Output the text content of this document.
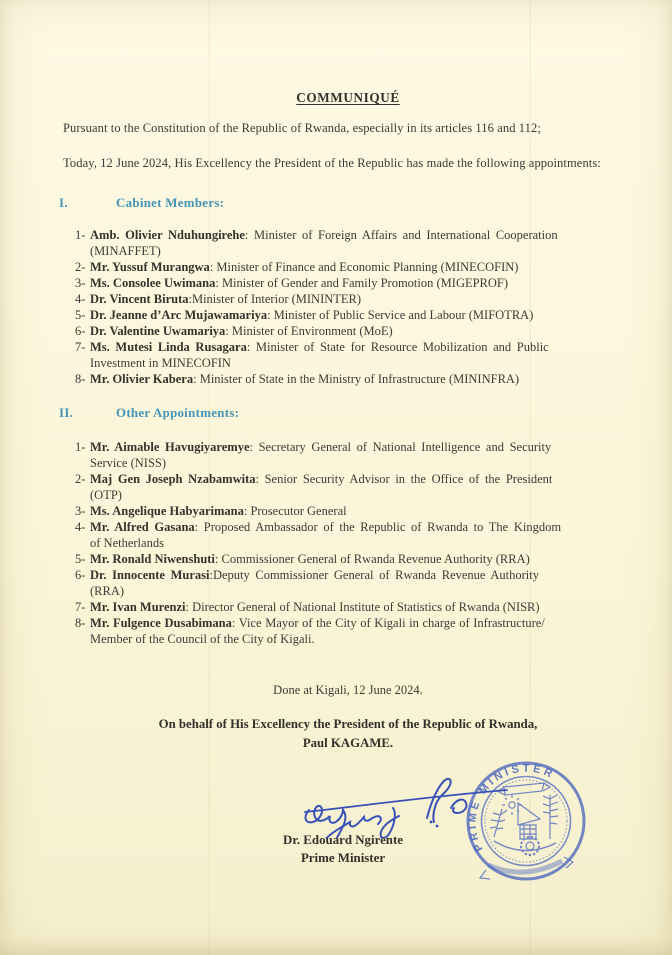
COMMUNIQUÉ

Pursuant to the Constitution of the Republic of Rwanda, especially in its articles 116 and 112;

Today, 12 June 2024, His Excellency the President of the Republic has made the following appointments:

I.	Cabinet Members:
1- Amb. Olivier Nduhungirehe: Minister of Foreign Affairs and International Cooperation
(MINAFFET)
2- Mr. Yussuf Murangwa: Minister of Finance and Economic Planning (MINECOFIN)
3- Ms. Consolee Uwimana: Minister of Gender and Family Promotion (MIGEPROF)
4- Dr. Vincent Biruta:Minister of Interior (MININTER)
5- Dr. Jeanne d’Arc Mujawamariya: Minister of Public Service and Labour (MIFOTRA)
6- Dr. Valentine Uwamariya: Minister of Environment (MoE)
7- Ms. Mutesi Linda Rusagara: Minister of State for Resource Mobilization and Public
Investment in MINECOFIN
8- Mr. Olivier Kabera: Minister of State in the Ministry of Infrastructure (MININFRA)
II.	Other Appointments:
1- Mr. Aimable Havugiyaremye: Secretary General of National Intelligence and Security
Service (NISS)
2- Maj Gen Joseph Nzabamwita: Senior Security Advisor in the Office of the President
(OTP)
3- Ms. Angelique Habyarimana: Prosecutor General
4- Mr. Alfred Gasana: Proposed Ambassador of the Republic of Rwanda to The Kingdom
of Netherlands
5- Mr. Ronald Niwenshuti: Commissioner General of Rwanda Revenue Authority (RRA)
6- Dr. Innocente Murasi:Deputy Commissioner General of Rwanda Revenue Authority
(RRA)
7- Mr. Ivan Murenzi: Director General of National Institute of Statistics of Rwanda (NISR)
8- Mr. Fulgence Dusabimana: Vice Mayor of the City of Kigali in charge of Infrastructure/
Member of the Council of the City of Kigali.

Done at Kigali, 12 June 2024.

On behalf of His Excellency the President of the Republic of Rwanda,
Paul KAGAME.

PRIME MINISTER
Dr. Edouard Ngirente
Prime Minister
